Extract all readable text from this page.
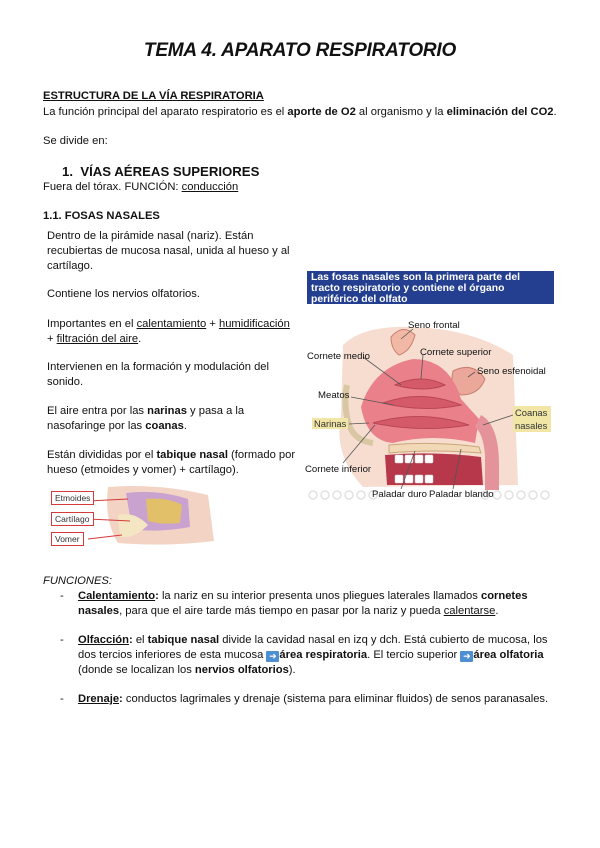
TEMA 4. APARATO RESPIRATORIO
ESTRUCTURA DE LA VÍA RESPIRATORIA
La función principal del aparato respiratorio es el aporte de O2 al organismo y la eliminación del CO2.
Se divide en:
1. VÍAS AÉREAS SUPERIORES
Fuera del tórax. FUNCIÓN: conducción
1.1. FOSAS NASALES
Dentro de la pirámide nasal (nariz). Están recubiertas de mucosa nasal, unida al hueso y al cartílago.
Contiene los nervios olfatorios.
Importantes en el calentamiento + humidificación
+ filtración del aire.
Intervienen en la formación y modulación del sonido.
El aire entra por las narinas y pasa a la nasofaringe por las coanas.
Están divididas por el tabique nasal (formado por hueso (etmoides y vomer) + cartílago).
Las fosas nasales son la primera parte del tracto respiratorio y contiene el órgano periférico del olfato
Seno frontal
Cornete medio	Cornete superior
Seno esfenoidal
Meatos
Narinas
Coanas nasales
Cornete inferior
Paladar duro Paladar blando
Etmoides
Cartílago
Vomer
FUNCIONES:
- Calentamiento: la nariz en su interior presenta unos pliegues laterales llamados cornetes nasales, para que el aire tarde más tiempo en pasar por la nariz y pueda calentarse.
- Olfacción: el tabique nasal divide la cavidad nasal en izq y dch. Está cubierto de mucosa, los dos tercios inferiores de esta mucosa ➜ área respiratoria. El tercio superior ➜ área olfatoria (donde se localizan los nervios olfatorios).
- Drenaje: conductos lagrimales y drenaje (sistema para eliminar fluidos) de senos paranasales.
